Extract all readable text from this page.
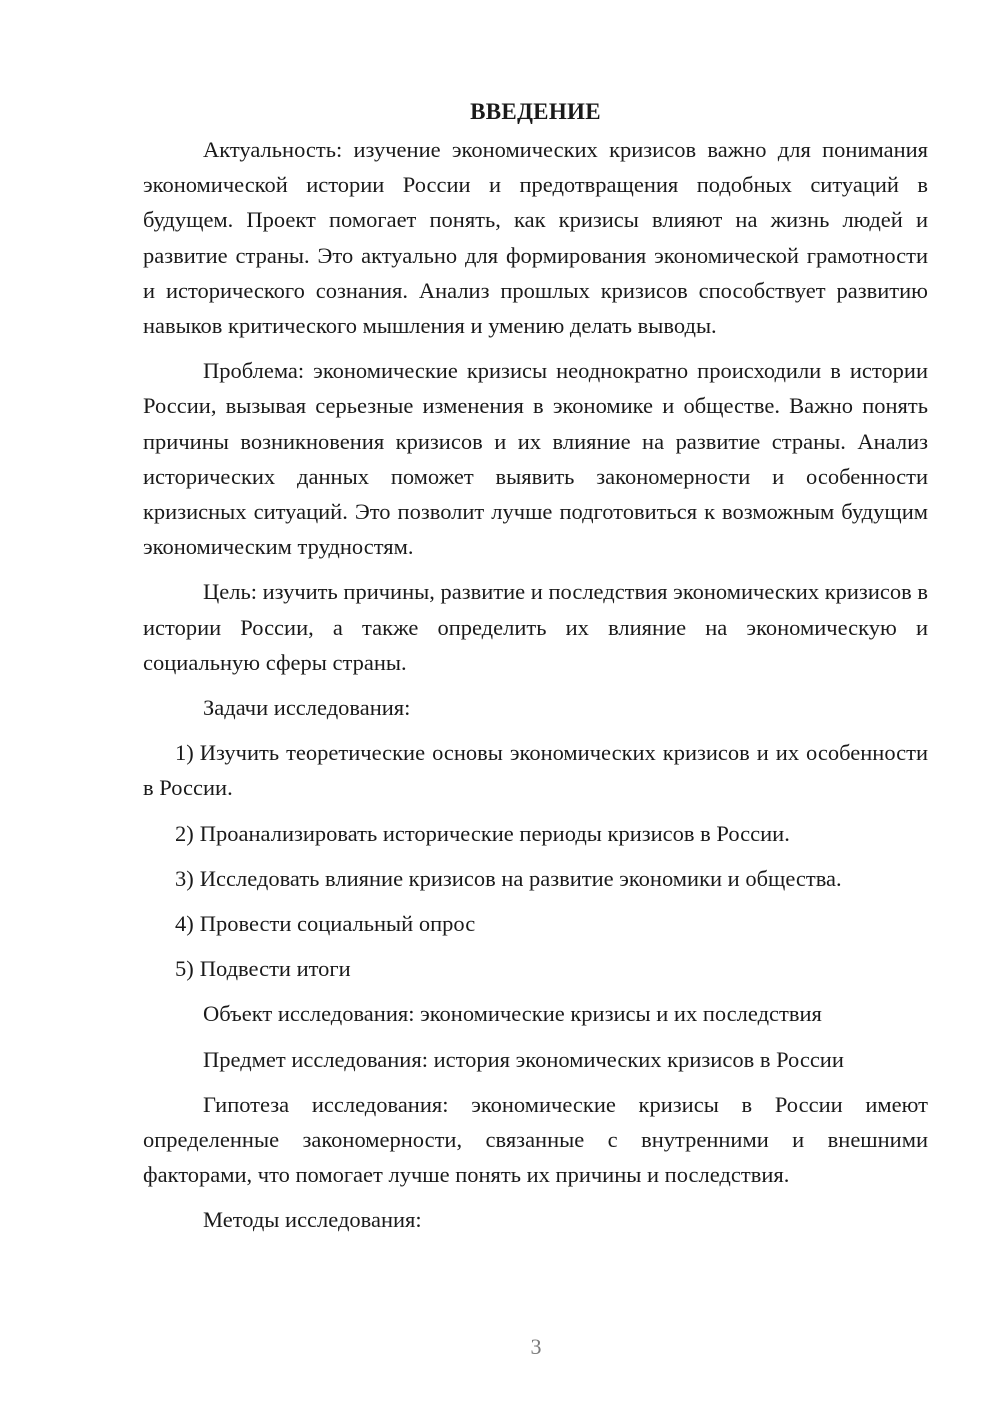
ВВЕДЕНИЕ

Актуальность: изучение экономических кризисов важно для понимания экономической истории России и предотвращения подобных ситуаций в будущем. Проект помогает понять, как кризисы влияют на жизнь людей и развитие страны. Это актуально для формирования экономической грамотности и исторического сознания. Анализ прошлых кризисов способствует развитию навыков критического мышления и умению делать выводы.

Проблема: экономические кризисы неоднократно происходили в истории России, вызывая серьезные изменения в экономике и обществе. Важно понять причины возникновения кризисов и их влияние на развитие страны. Анализ исторических данных поможет выявить закономерности и особенности кризисных ситуаций. Это позволит лучше подготовиться к возможным будущим экономическим трудностям.

Цель: изучить причины, развитие и последствия экономических кризисов в истории России, а также определить их влияние на экономическую и социальную сферы страны.

Задачи исследования:

1) Изучить теоретические основы экономических кризисов и их особенности в России.

2) Проанализировать исторические периоды кризисов в России.

3) Исследовать влияние кризисов на развитие экономики и общества.

4) Провести социальный опрос

5) Подвести итоги

Объект исследования: экономические кризисы и их последствия

Предмет исследования: история экономических кризисов в России

Гипотеза исследования: экономические кризисы в России имеют определенные закономерности, связанные с внутренними и внешними факторами, что помогает лучше понять их причины и последствия.

Методы исследования:

3
